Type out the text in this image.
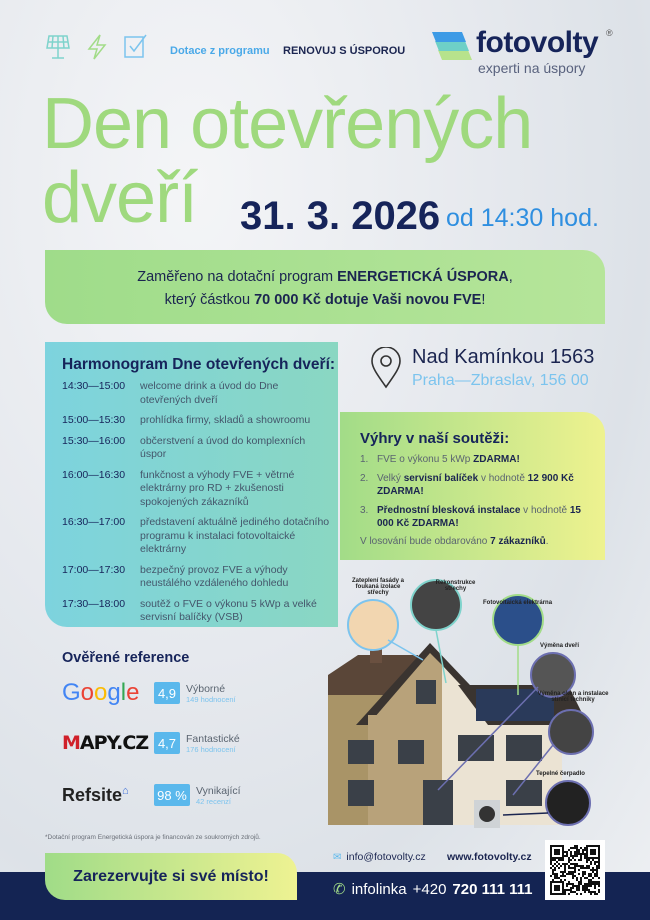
Dotace z programu RENOVUJ S ÚSPOROU fotovolty ®
experti na úspory
Den otevřených
dveří 31. 3. 2026 od 14:30 hod.
Zaměřeno na dotační program ENERGETICKÁ ÚSPORA,
který částkou 70 000 Kč dotuje Vaši novou FVE!
Harmonogram Dne otevřených dveří:
14:30—15:00	welcome drink a úvod do Dne otevřených dveří
15:00—15:30	prohlídka firmy, skladů a showroomu
15:30—16:00	občerstvení a úvod do komplexních úspor
16:00—16:30	funkčnost a výhody FVE + větrné elektrárny pro RD + zkušenosti spokojených zákazníků
16:30—17:00	představení aktuálně jediného dotačního programu k instalaci fotovoltaické elektrárny
17:00—17:30	bezpečný provoz FVE a výhody neustálého vzdáleného dohledu
17:30—18:00	soutěž o FVE o výkonu 5 kWp a velké servisní balíčky (VSB)
Nad Kamínkou 1563
Praha—Zbraslav, 156 00
Výhry v naší soutěži:
1. FVE o výkonu 5 kWp ZDARMA!
2. Velký servisní balíček v hodnotě 12 900 Kč ZDARMA!
3. Přednostní blesková instalace v hodnotě 15 000 Kč ZDARMA!
V losování bude obdarováno 7 zákazníků.
Ověřené reference
Google	4,9 Výborné
149 hodnocení
MAPY.CZ 4,7 Fantastické
176 hodnocení
Refsite⌂	98 % Vynikající
42 recenzí
Zateplení fasády a foukaná izolace střechy
Rekonstrukce střechy
Fotovoltaická elektrárna
Výměna dveří
Výměna oken a instalace stínicí techniky
Tepelné čerpadlo
*Dotační program Energetická úspora je financován ze soukromých zdrojů.
Zarezervujte si své místo!
✉ info@fotovolty.cz www.fotovolty.cz
✆ infolinka +420 720 111 111
